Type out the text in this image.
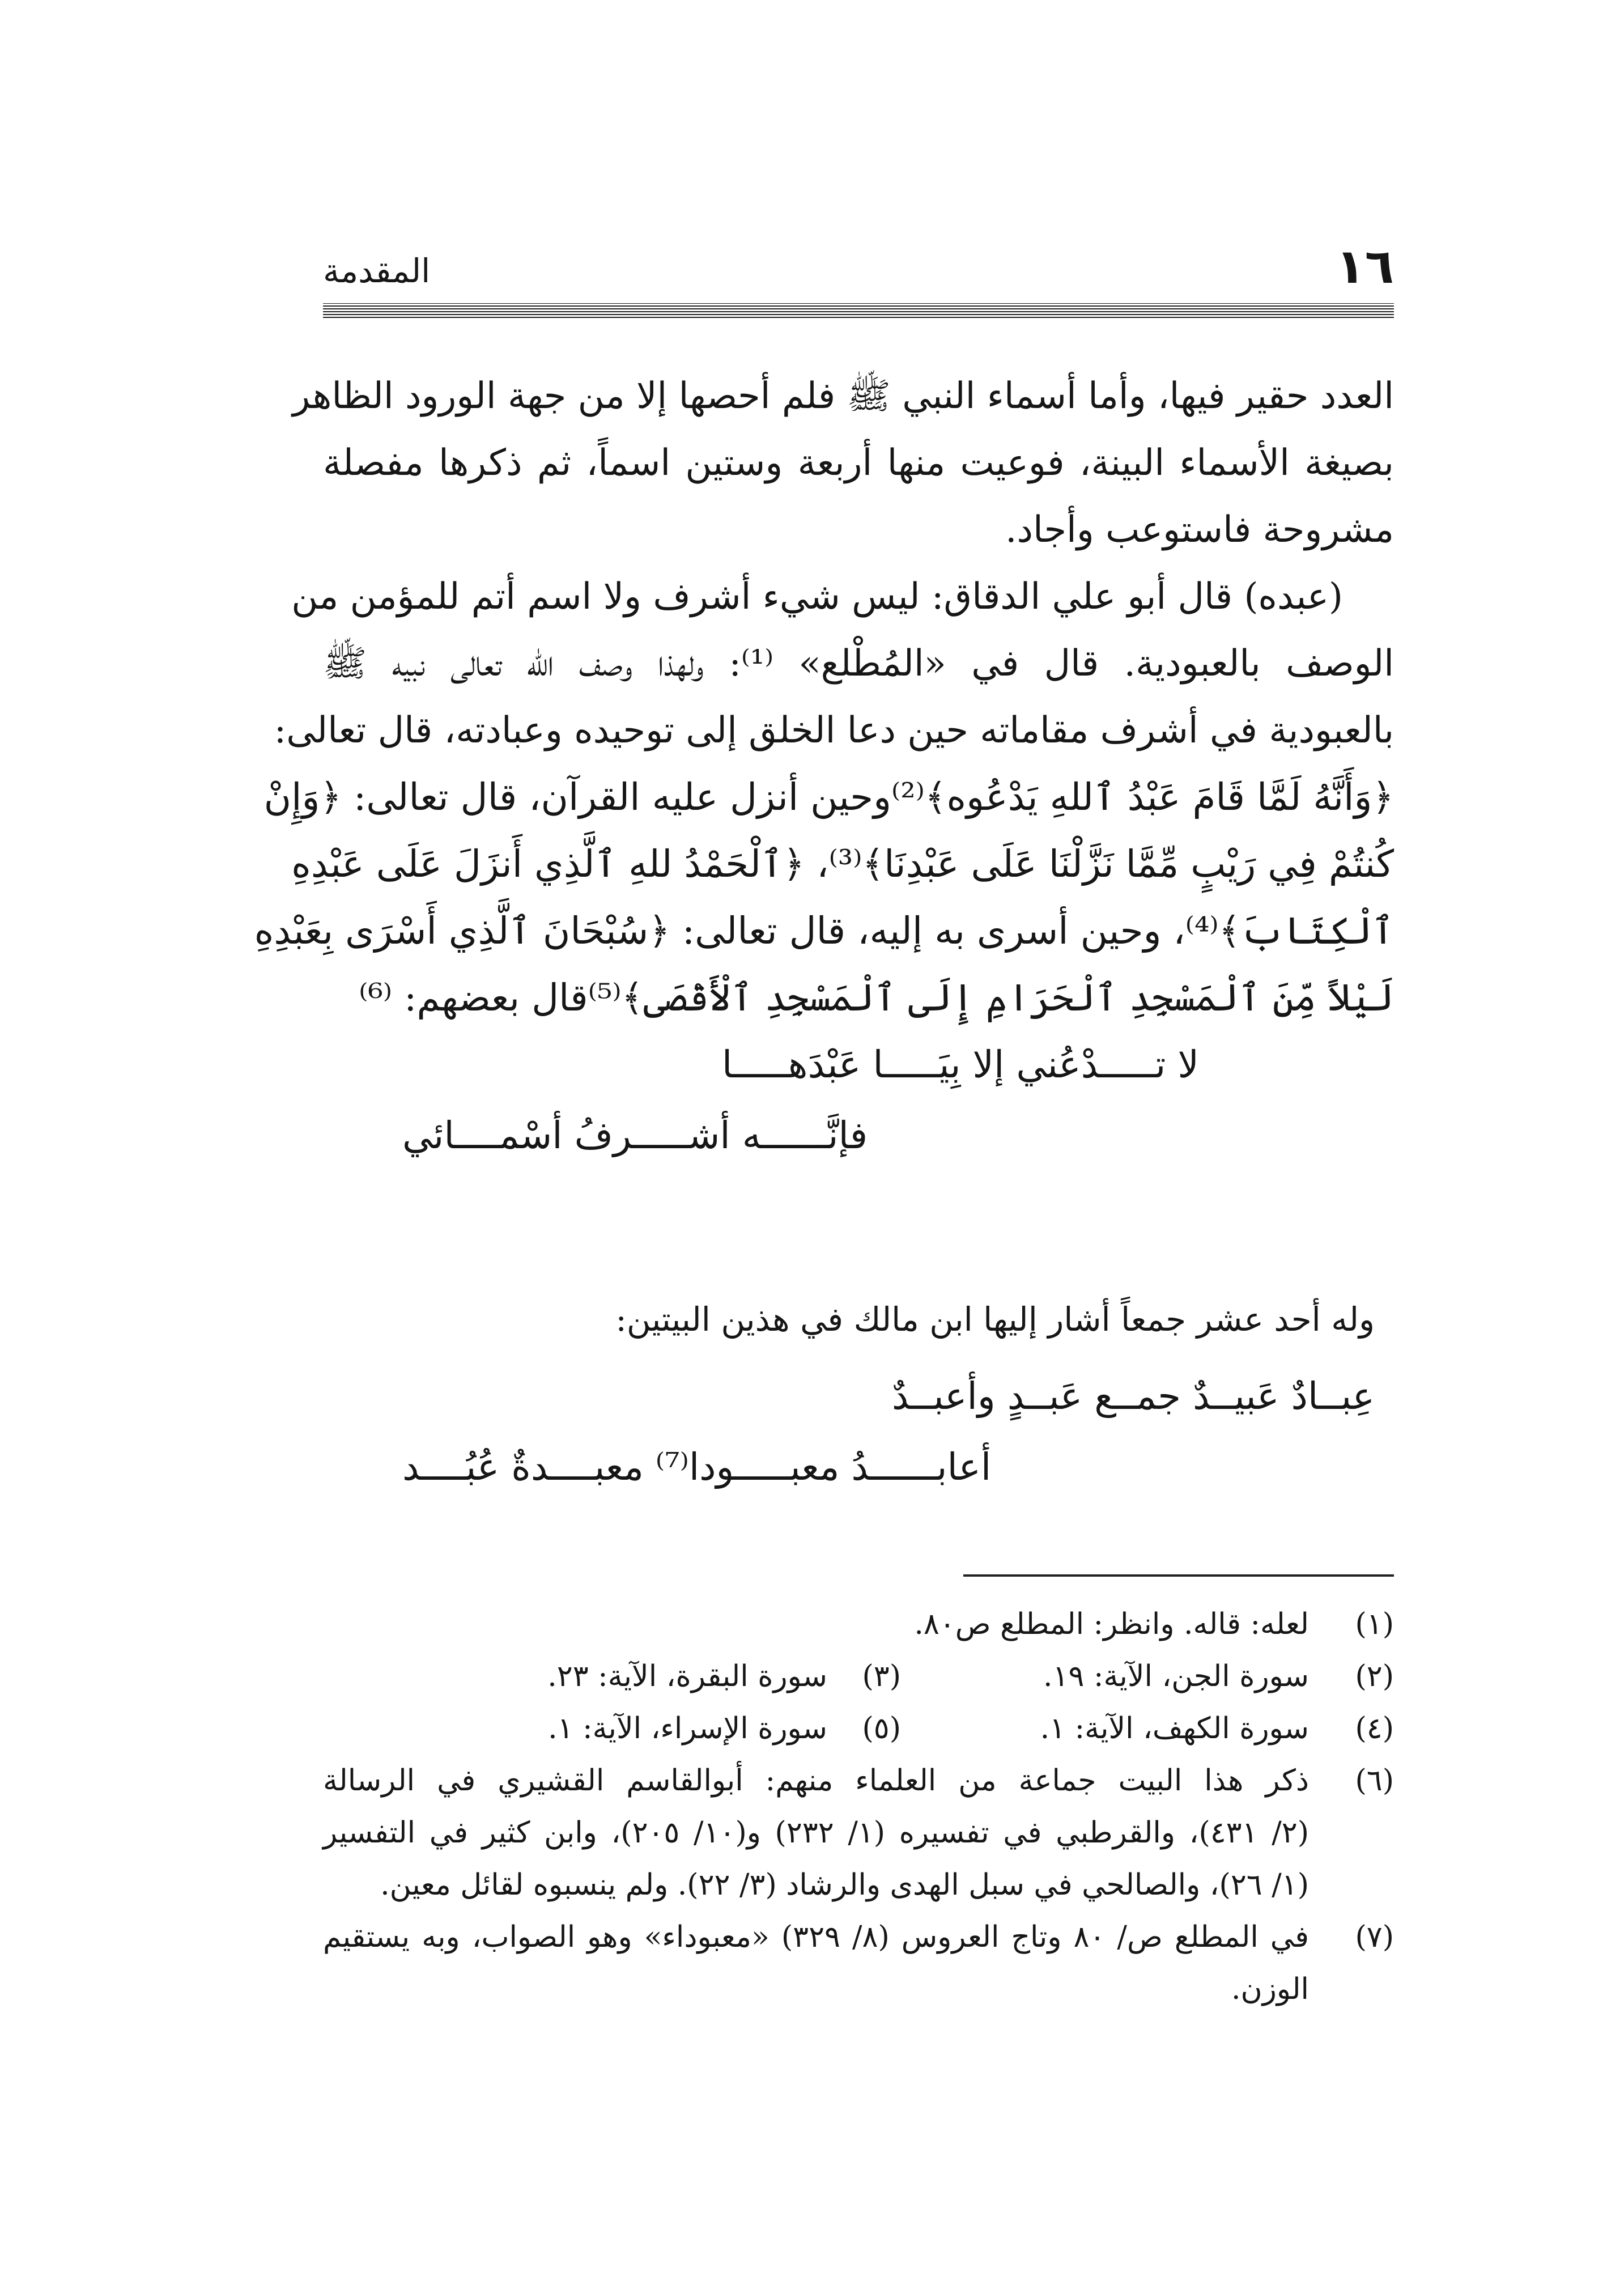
١٦
المقدمة
العدد حقير فيها، وأما أسماء النبي ﷺ فلم أحصها إلا من جهة الورود الظاهر
بصيغة الأسماء البينة، فوعيت منها أربعة وستين اسماً، ثم ذكرها مفصلة
مشروحة فاستوعب وأجاد.
(عبده) قال أبو علي الدقاق: ليس شيء أشرف ولا اسم أتم للمؤمن من
الوصف بالعبودية. قال في «المُطْلع» ⁽¹⁾: ولهذا وصف الله تعالى نبيه ﷺ
بالعبودية في أشرف مقاماته حين دعا الخلق إلى توحيده وعبادته، قال تعالى:
﴿وَأَنَّهُ لَمَّا قَامَ عَبْدُ ٱللهِ يَدْعُوه﴾⁽²⁾وحين أنزل عليه القرآن، قال تعالى: ﴿وَإِنْ
كُنتُمْ فِي رَيْبٍ مِّمَّا نَزَّلْنَا عَلَى عَبْدِنَا﴾⁽³⁾، ﴿ٱلْحَمْدُ للهِ ٱلَّذِي أَنزَلَ عَلَى عَبْدِهِ
ٱلْكِتَابَ﴾⁽⁴⁾، وحين أسرى به إليه، قال تعالى: ﴿سُبْحَانَ ٱلَّذِي أَسْرَى بِعَبْدِهِ
لَيْلاً مِّنَ ٱلْمَسْجِدِ ٱلْحَرَامِ إِلَى ٱلْمَسْجِدِ ٱلْأَقْصَى﴾⁽⁵⁾قال بعضهم: ⁽⁶⁾
لا تـــــدْعُني إلا بِيَـــــا عَبْدَهـــــا
فإنَّــــــه أشـــــرفُ أسْمــــائي
وله أحد عشر جمعاً أشار إليها ابن مالك في هذين البيتين:
عِبــادٌ عَبيــدٌ جمــع عَبــدٍ وأعبــدٌ
أعابــــــدُ معبـــــودا⁽⁷⁾ معبــــدةٌ عُبُــــد
(١)
لعله: قاله. وانظر: المطلع ص٨٠.
(٢)
سورة الجن، الآية: ١٩.
(٣)
سورة البقرة، الآية: ٢٣.
(٤)
سورة الكهف، الآية: ١.
(٥)
سورة الإسراء، الآية: ١.
(٦)
ذكر هذا البيت جماعة من العلماء منهم: أبوالقاسم القشيري في الرسالة
(٢/ ٤٣١)، والقرطبي في تفسيره (١/ ٢٣٢) و(١٠/ ٢٠٥)، وابن كثير في التفسير
(١/ ٢٦)، والصالحي في سبل الهدى والرشاد (٣/ ٢٢). ولم ينسبوه لقائل معين.
(٧)
في المطلع ص/ ٨٠ وتاج العروس (٨/ ٣٢٩) «معبوداء» وهو الصواب، وبه يستقيم
الوزن.
